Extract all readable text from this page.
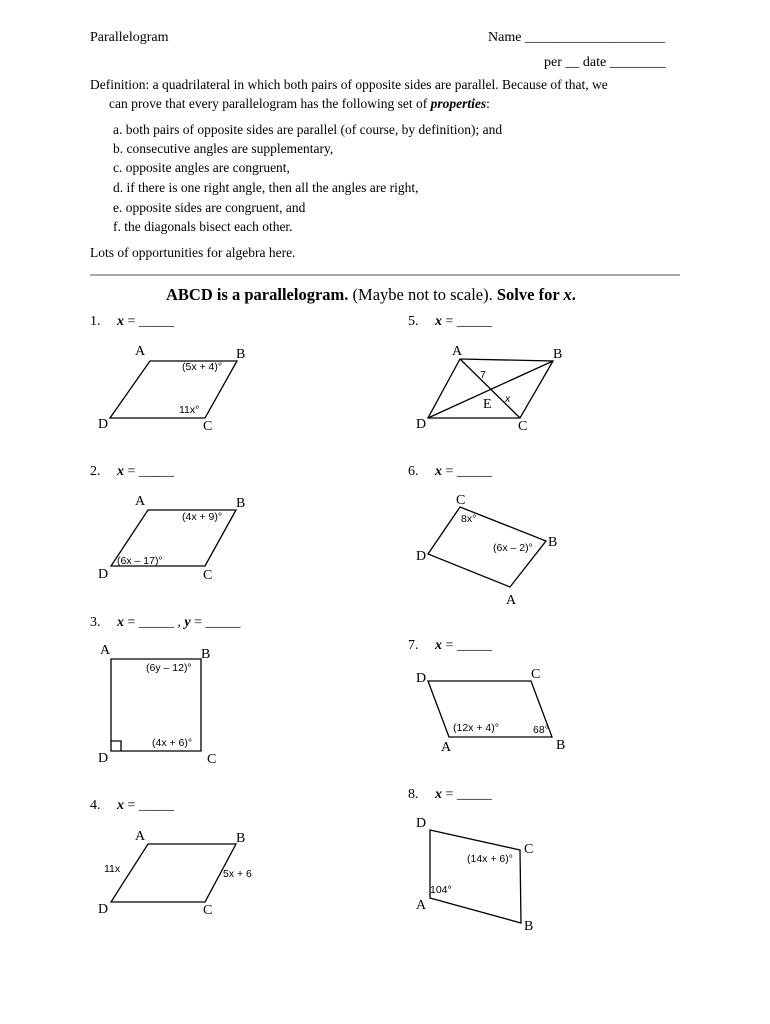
Parallelogram	Name ____________________
per __ date ________
Definition: a quadrilateral in which both pairs of opposite sides are parallel. Because of that, we
can prove that every parallelogram has the following set of properties:
a. both pairs of opposite sides are parallel (of course, by definition); and
b. consecutive angles are supplementary,
c. opposite angles are congruent,
d. if there is one right angle, then all the angles are right,
e. opposite sides are congruent, and
f. the diagonals bisect each other.
Lots of opportunities for algebra here.
ABCD is a parallelogram. (Maybe not to scale). Solve for x.
1. x = _____
2. x = _____
3. x = _____ , y = _____
4. x = _____
5. x = _____
6. x = _____
7. x = _____
8. x = _____
A	B
C
D
(5x + 4)°
11x°
A	B
C
D
(4x + 9)°
(6x – 17)°
A	B
C
D
(6y – 12)°
(4x + 6)°
A	B
C
D
11x	5x + 6
A	B
C
D
E
7
x
C
B
A
D
8x°
(6x – 2)°
D	C
B
A
(12x + 4)°	68°
D
C
B
A
(14x + 6)°
104°
